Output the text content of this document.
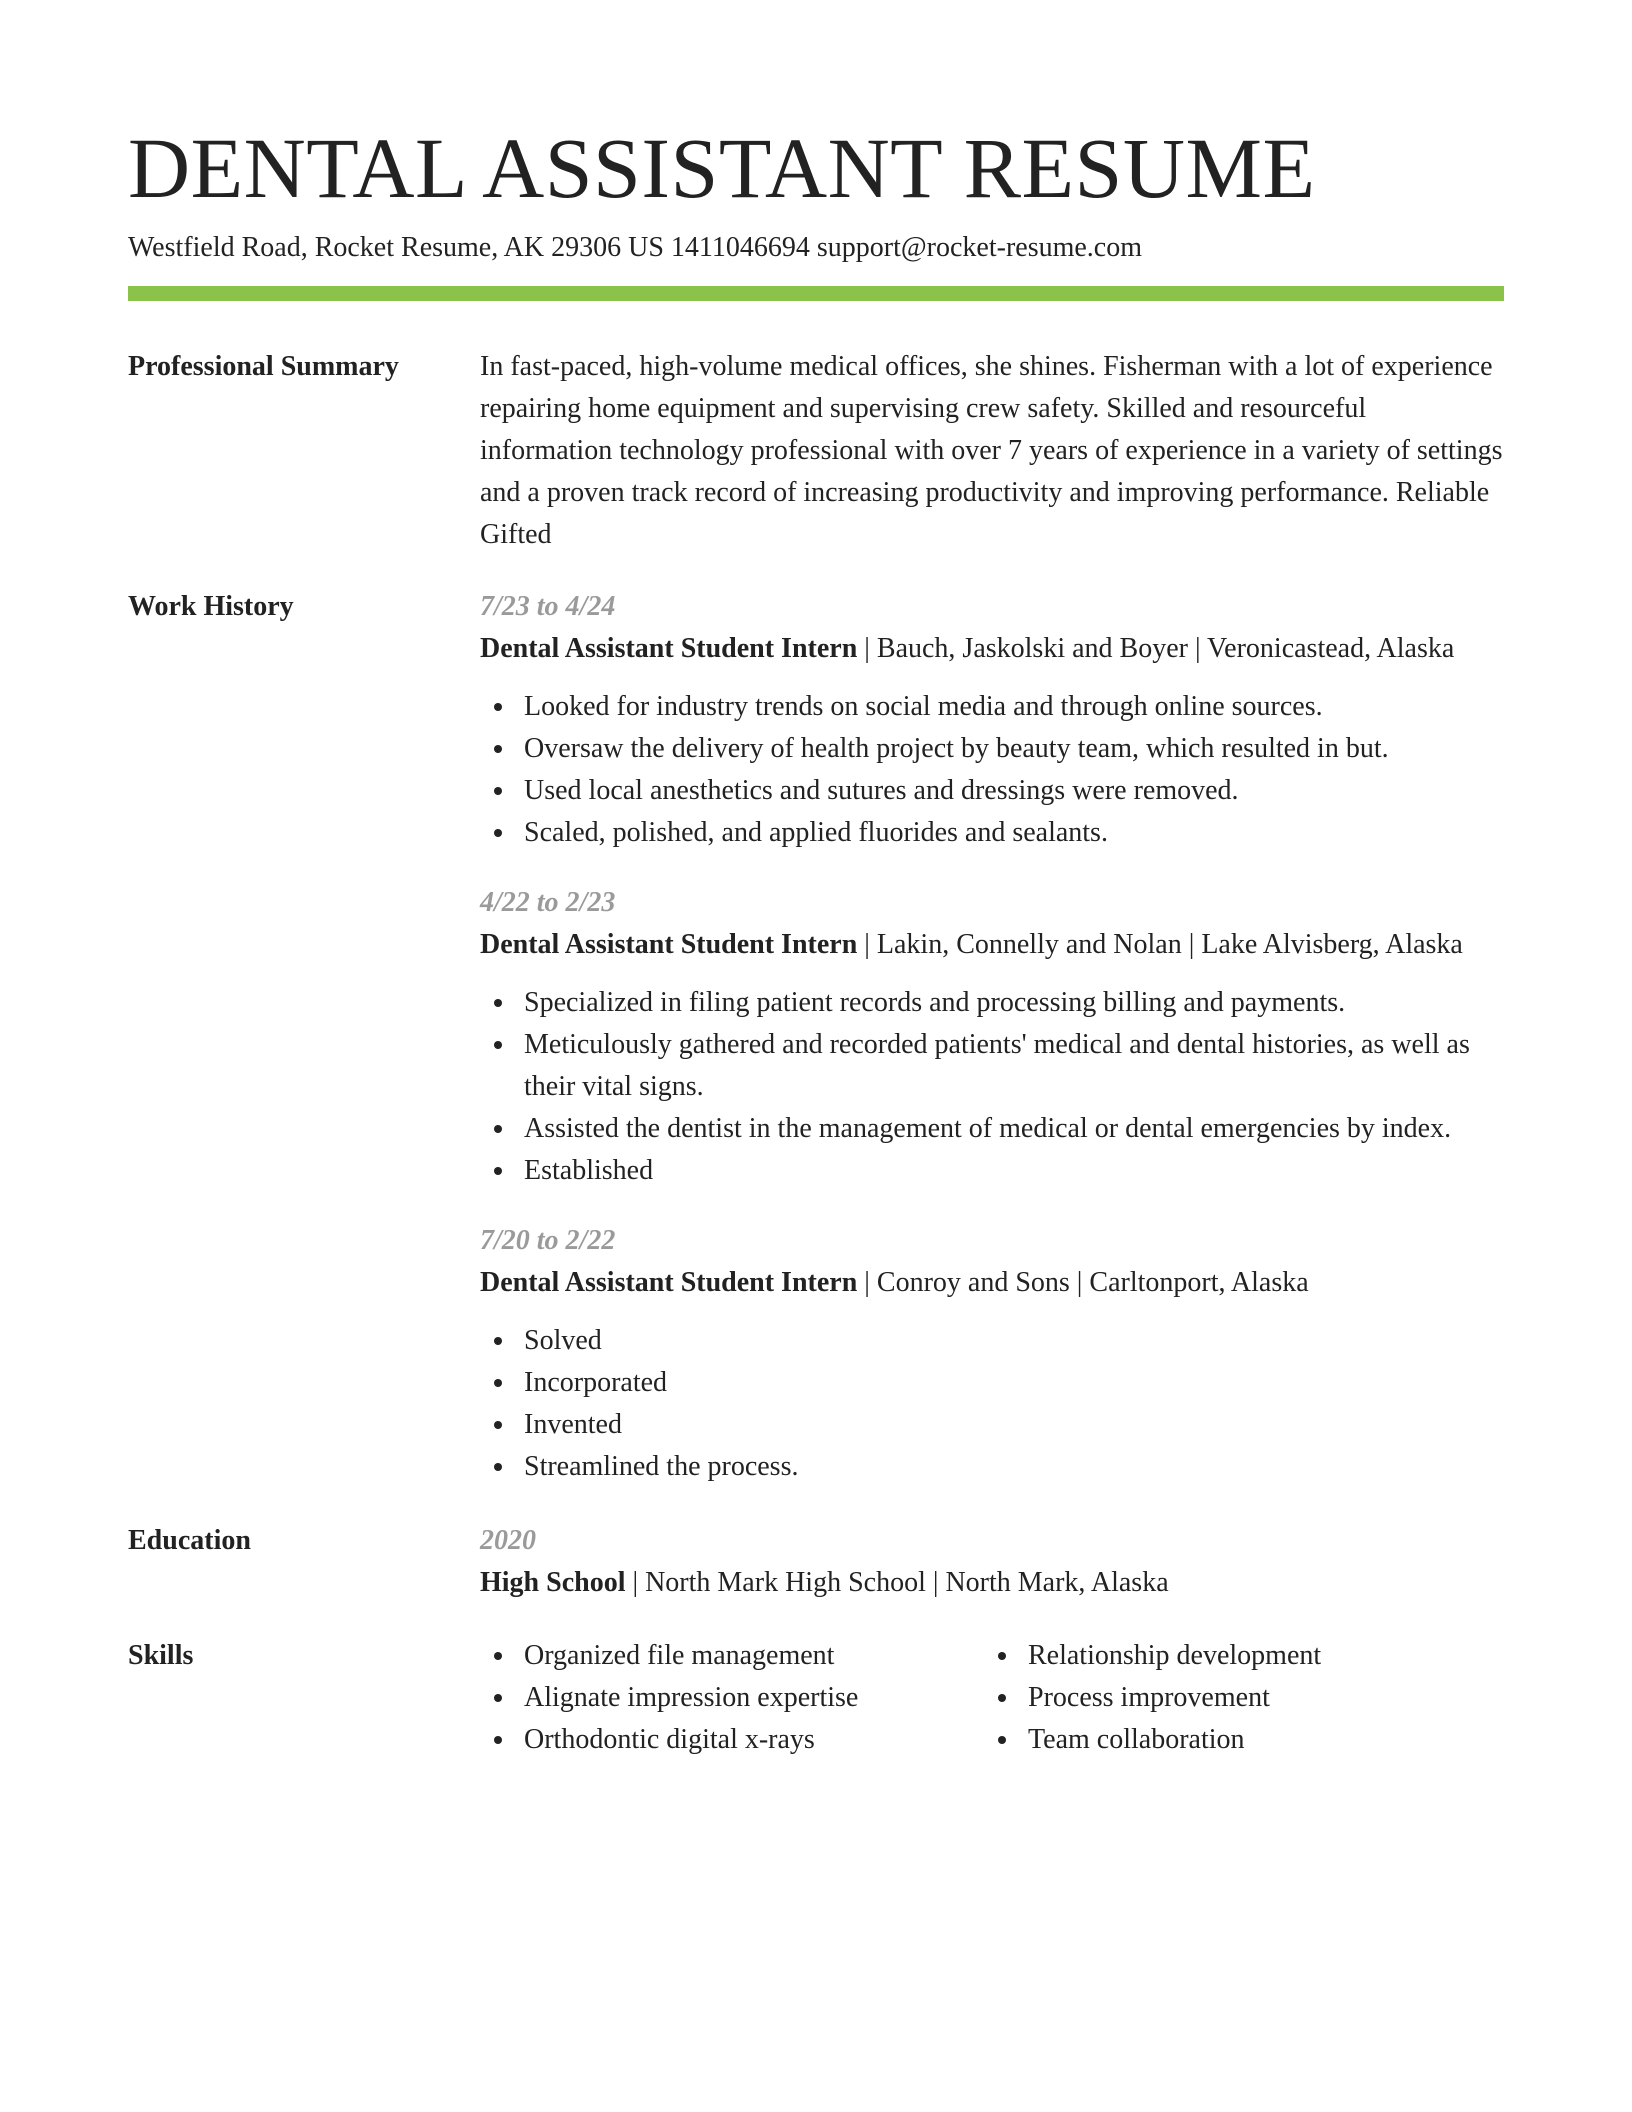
DENTAL ASSISTANT RESUME
Westfield Road, Rocket Resume, AK 29306 US 1411046694 support@rocket-resume.com
Professional Summary	In fast-paced, high-volume medical offices, she shines. Fisherman with a lot of experience repairing home equipment and supervising crew safety. Skilled and resourceful information technology professional with over 7 years of experience in a variety of settings and a proven track record of increasing productivity and improving performance. Reliable Gifted

Work History	7/23 to 4/24
Dental Assistant Student Intern | Bauch, Jaskolski and Boyer | Veronicastead, Alaska
Looked for industry trends on social media and through online sources.
Oversaw the delivery of health project by beauty team, which resulted in but.
Used local anesthetics and sutures and dressings were removed.
Scaled, polished, and applied fluorides and sealants.
4/22 to 2/23
Dental Assistant Student Intern | Lakin, Connelly and Nolan | Lake Alvisberg, Alaska
Specialized in filing patient records and processing billing and payments.
Meticulously gathered and recorded patients' medical and dental histories, as well as their vital signs.
Assisted the dentist in the management of medical or dental emergencies by index.
Established
7/20 to 2/22
Dental Assistant Student Intern | Conroy and Sons | Carltonport, Alaska
Solved
Incorporated
Invented
Streamlined the process.
Education	2020
High School | North Mark High School | North Mark, Alaska
Skills	Organized file management
Alignate impression expertise
Orthodontic digital x-rays
Relationship development
Process improvement
Team collaboration
